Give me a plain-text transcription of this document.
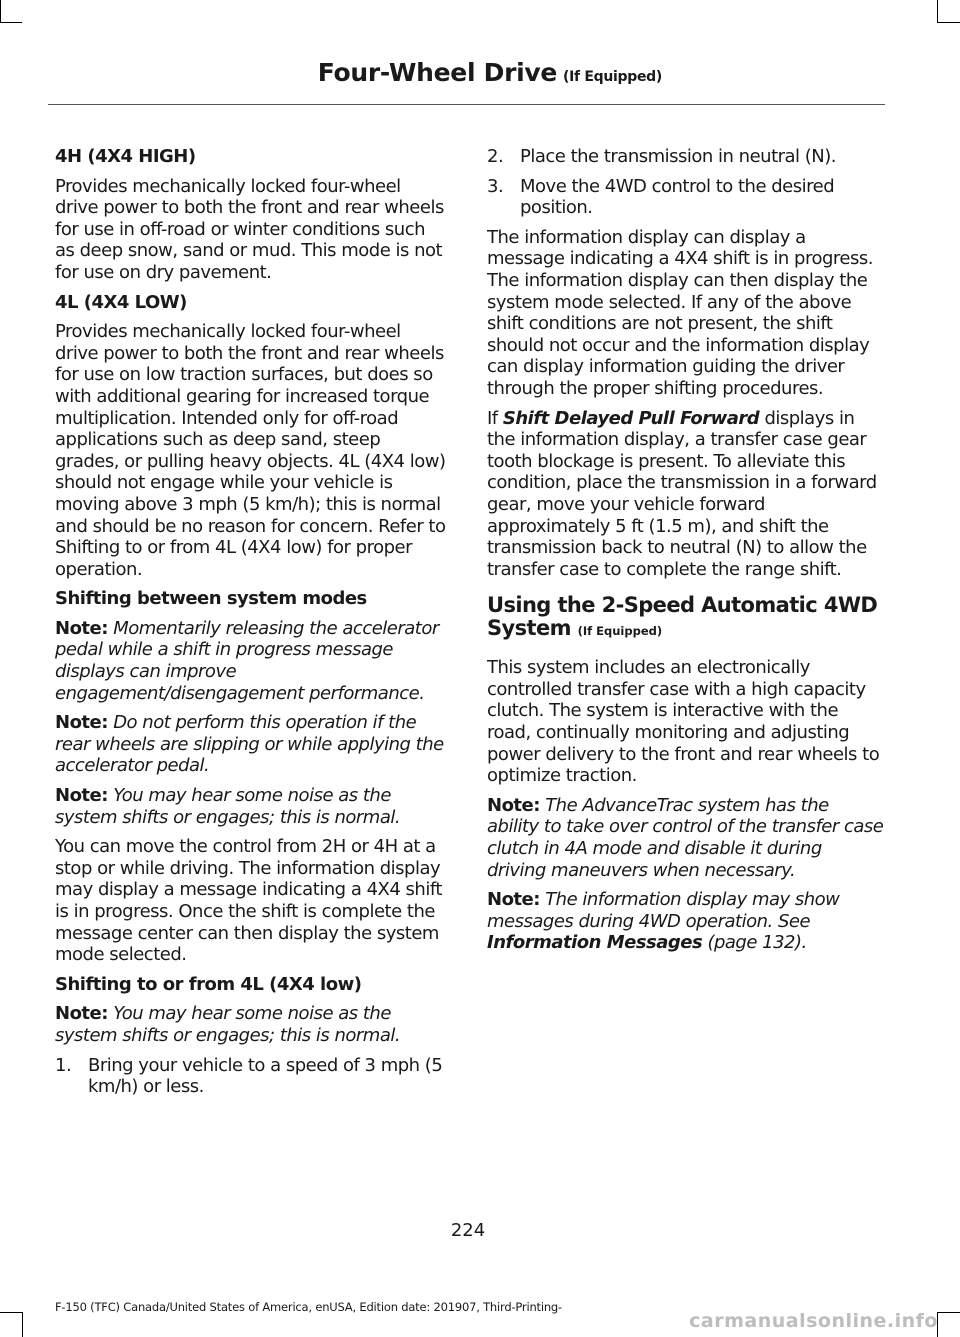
Four-Wheel Drive (If Equipped)
4H (4X4 HIGH)
Provides mechanically locked four-wheel drive power to both the front and rear wheels for use in off-road or winter conditions such as deep snow, sand or mud. This mode is not for use on dry pavement.
4L (4X4 LOW)
Provides mechanically locked four-wheel drive power to both the front and rear wheels for use on low traction surfaces, but does so with additional gearing for increased torque multiplication. Intended only for off-road applications such as deep sand, steep grades, or pulling heavy objects. 4L (4X4 low) should not engage while your vehicle is moving above 3 mph (5 km/h); this is normal and should be no reason for concern. Refer to Shifting to or from 4L (4X4 low) for proper operation.
Shifting between system modes
Note: Momentarily releasing the accelerator pedal while a shift in progress message displays can improve engagement/disengagement performance.
Note: Do not perform this operation if the rear wheels are slipping or while applying the accelerator pedal.
Note: You may hear some noise as the system shifts or engages; this is normal.
You can move the control from 2H or 4H at a stop or while driving. The information display may display a message indicating a 4X4 shift is in progress. Once the shift is complete the message center can then display the system mode selected.
Shifting to or from 4L (4X4 low)
Note: You may hear some noise as the system shifts or engages; this is normal.
1. Bring your vehicle to a speed of 3 mph (5 km/h) or less.
2. Place the transmission in neutral (N).
3. Move the 4WD control to the desired position.
The information display can display a message indicating a 4X4 shift is in progress. The information display can then display the system mode selected. If any of the above shift conditions are not present, the shift should not occur and the information display can display information guiding the driver through the proper shifting procedures.
If Shift Delayed Pull Forward displays in the information display, a transfer case gear tooth blockage is present. To alleviate this condition, place the transmission in a forward gear, move your vehicle forward approximately 5 ft (1.5 m), and shift the transmission back to neutral (N) to allow the transfer case to complete the range shift.
Using the 2-Speed Automatic 4WD System (If Equipped)
This system includes an electronically controlled transfer case with a high capacity clutch. The system is interactive with the road, continually monitoring and adjusting power delivery to the front and rear wheels to optimize traction.
Note: The AdvanceTrac system has the ability to take over control of the transfer case clutch in 4A mode and disable it during driving maneuvers when necessary.
Note: The information display may show messages during 4WD operation. See Information Messages (page 132).
224
F-150 (TFC) Canada/United States of America, enUSA, Edition date: 201907, Third-Printing-
carmanualsonline.info
